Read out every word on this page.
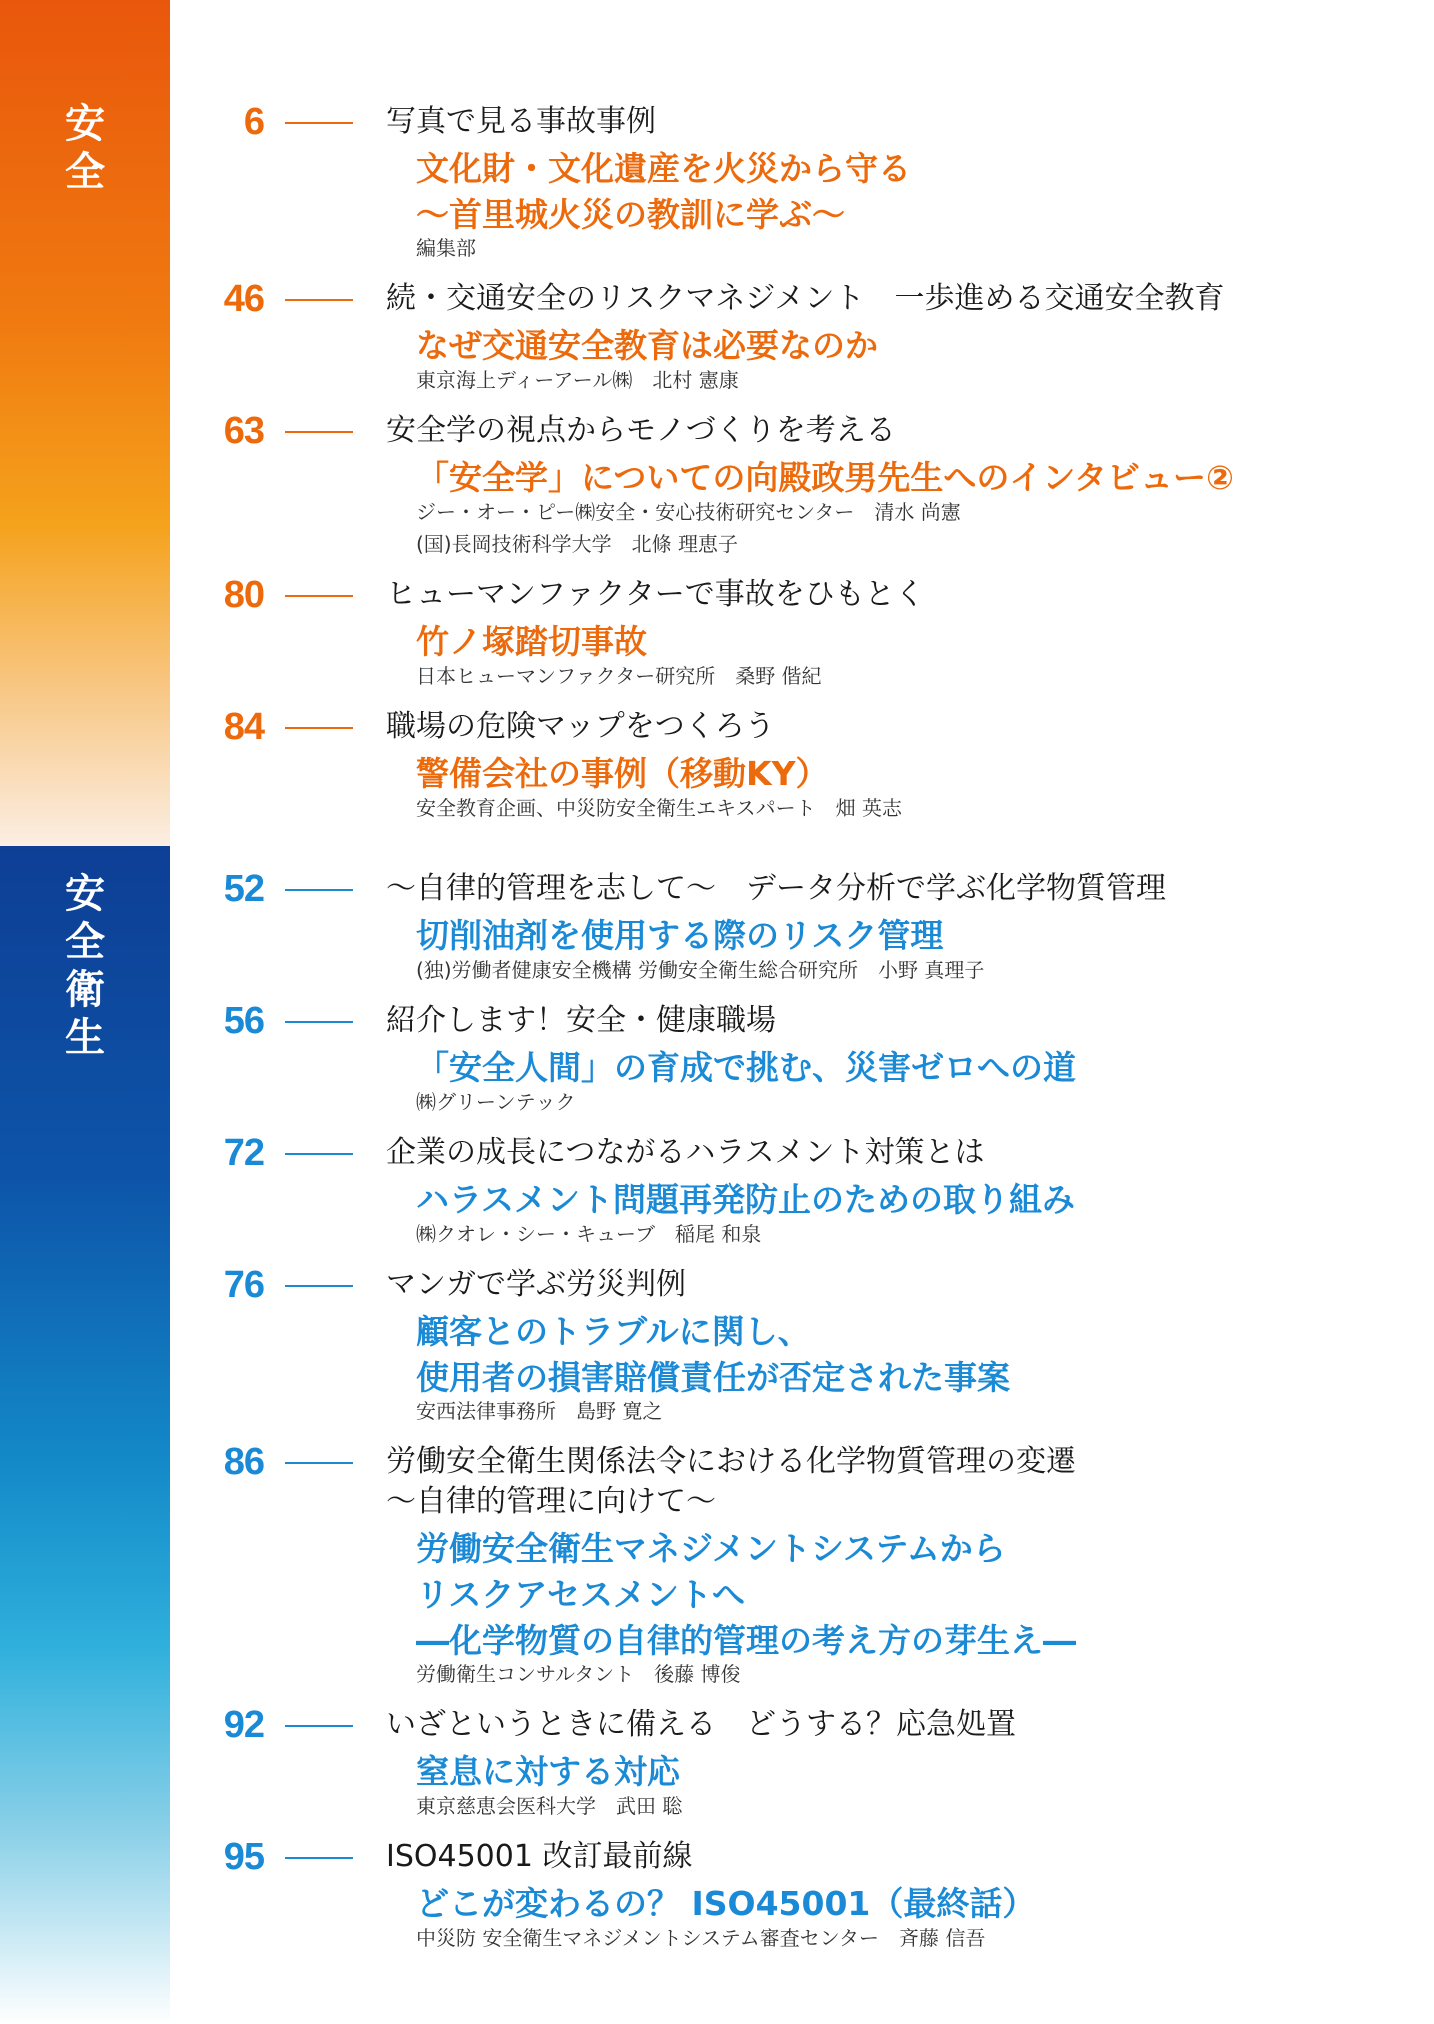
安
全
安
全
衛
生
6	写真で見る事故事例
文化財・文化遺産を火災から守る
～首里城火災の教訓に学ぶ～
編集部
46	続・交通安全のリスクマネジメント　一歩進める交通安全教育
なぜ交通安全教育は必要なのか
東京海上ディーアール㈱　北村 憲康
63	安全学の視点からモノづくりを考える
「安全学」についての向殿政男先生へのインタビュー②
ジー・オー・ピー㈱安全・安心技術研究センター　清水 尚憲
(国)長岡技術科学大学　北條 理恵子
80	ヒューマンファクターで事故をひもとく
竹ノ塚踏切事故
日本ヒューマンファクター研究所　桑野 偕紀
84	職場の危険マップをつくろう
警備会社の事例（移動KY）
安全教育企画、中災防安全衛生エキスパート　畑 英志
52	～自律的管理を志して～　データ分析で学ぶ化学物質管理
切削油剤を使用する際のリスク管理
(独)労働者健康安全機構 労働安全衛生総合研究所　小野 真理子
56	紹介します！安全・健康職場
「安全人間」の育成で挑む、災害ゼロへの道
㈱グリーンテック
72	企業の成長につながるハラスメント対策とは
ハラスメント問題再発防止のための取り組み
㈱クオレ・シー・キューブ　稲尾 和泉
76	マンガで学ぶ労災判例
顧客とのトラブルに関し、
使用者の損害賠償責任が否定された事案
安西法律事務所　島野 寛之
86	労働安全衛生関係法令における化学物質管理の変遷
～自律的管理に向けて～
労働安全衛生マネジメントシステムから
リスクアセスメントへ
―化学物質の自律的管理の考え方の芽生え―
労働衛生コンサルタント　後藤 博俊
92	いざというときに備える　どうする？応急処置
窒息に対する対応
東京慈恵会医科大学　武田 聡
95	ISO45001 改訂最前線
どこが変わるの？ ISO45001（最終話）
中災防 安全衛生マネジメントシステム審査センター　斉藤 信吾
